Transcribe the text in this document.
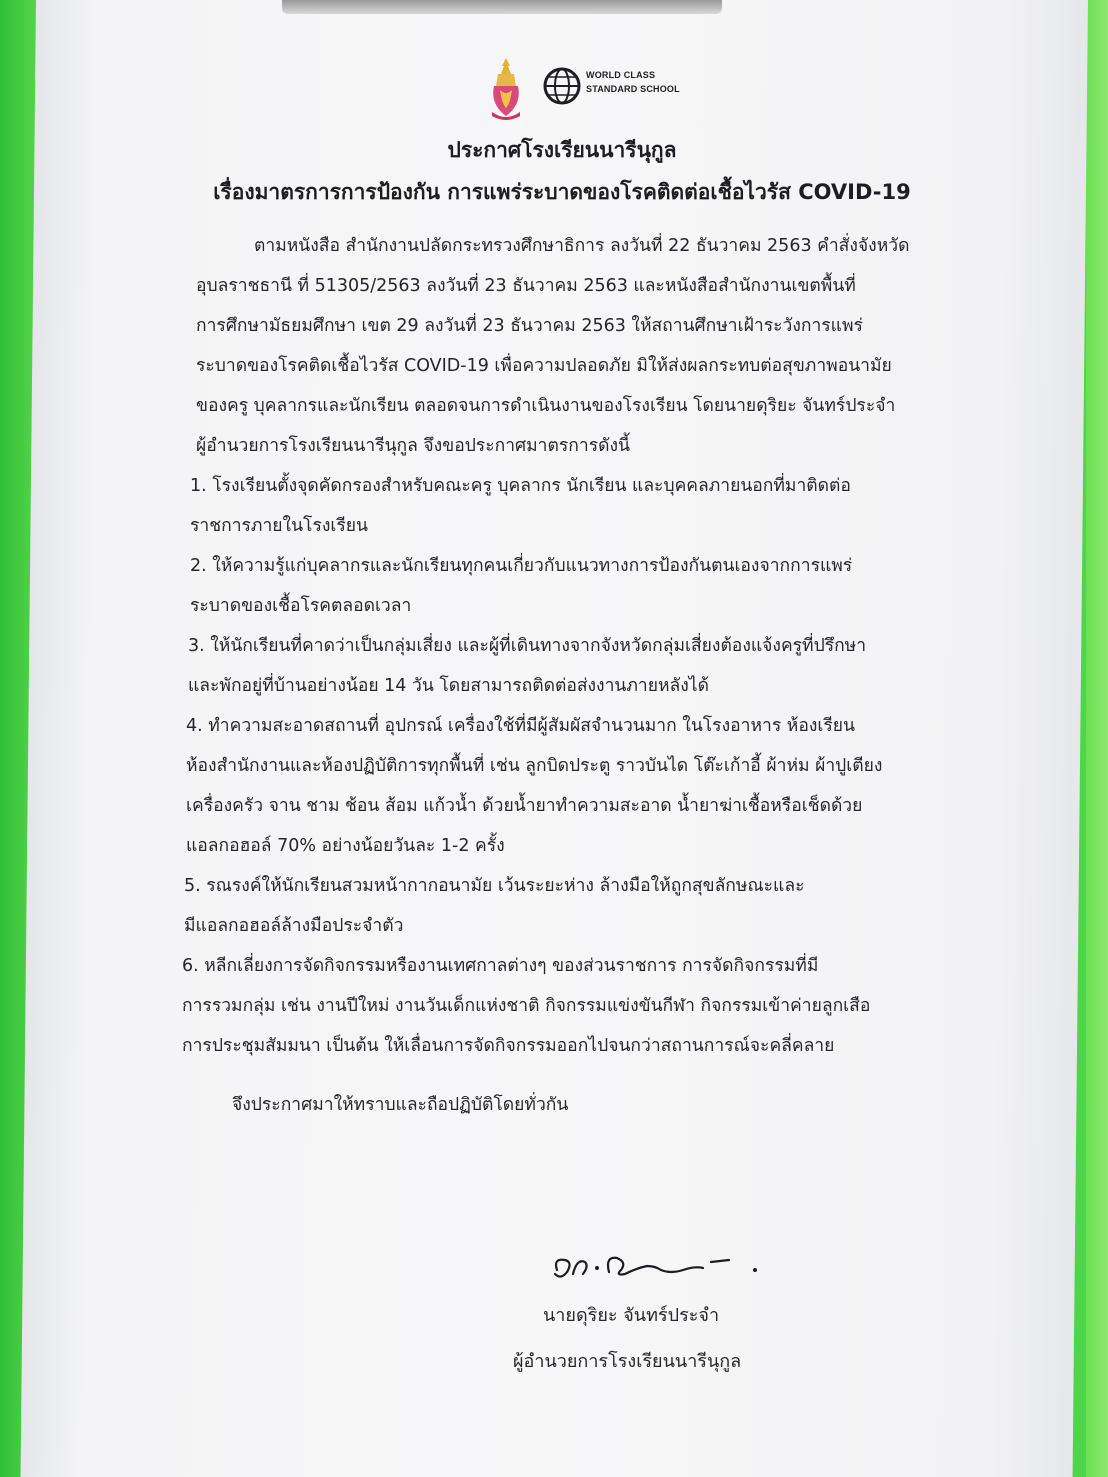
WORLD CLASS
STANDARD SCHOOL
ประกาศโรงเรียนนารีนุกูล
เรื่องมาตรการการป้องกัน การแพร่ระบาดของโรคติดต่อเชื้อไวรัส COVID-19
ตามหนังสือ สำนักงานปลัดกระทรวงศึกษาธิการ ลงวันที่ 22 ธันวาคม 2563 คำสั่งจังหวัด
อุบลราชธานี ที่ 51305/2563 ลงวันที่ 23 ธันวาคม 2563 และหนังสือสำนักงานเขตพื้นที่
การศึกษามัธยมศึกษา เขต 29 ลงวันที่ 23 ธันวาคม 2563 ให้สถานศึกษาเฝ้าระวังการแพร่
ระบาดของโรคติดเชื้อไวรัส COVID-19 เพื่อความปลอดภัย มิให้ส่งผลกระทบต่อสุขภาพอนามัย
ของครู บุคลากรและนักเรียน ตลอดจนการดำเนินงานของโรงเรียน โดยนายดุริยะ จันทร์ประจำ
ผู้อำนวยการโรงเรียนนารีนุกูล จึงขอประกาศมาตรการดังนี้
1. โรงเรียนตั้งจุดคัดกรองสำหรับคณะครู บุคลากร นักเรียน และบุคคลภายนอกที่มาติดต่อ
ราชการภายในโรงเรียน
2. ให้ความรู้แก่บุคลากรและนักเรียนทุกคนเกี่ยวกับแนวทางการป้องกันตนเองจากการแพร่
ระบาดของเชื้อโรคตลอดเวลา
3. ให้นักเรียนที่คาดว่าเป็นกลุ่มเสี่ยง และผู้ที่เดินทางจากจังหวัดกลุ่มเสี่ยงต้องแจ้งครูที่ปรึกษา
และพักอยู่ที่บ้านอย่างน้อย 14 วัน โดยสามารถติดต่อส่งงานภายหลังได้
4. ทำความสะอาดสถานที่ อุปกรณ์ เครื่องใช้ที่มีผู้สัมผัสจำนวนมาก ในโรงอาหาร ห้องเรียน
ห้องสำนักงานและห้องปฏิบัติการทุกพื้นที่ เช่น ลูกบิดประตู ราวบันได โต๊ะเก้าอี้ ผ้าห่ม ผ้าปูเตียง
เครื่องครัว จาน ชาม ช้อน ส้อม แก้วน้ำ ด้วยน้ำยาทำความสะอาด น้ำยาฆ่าเชื้อหรือเช็ดด้วย
แอลกอฮอล์ 70% อย่างน้อยวันละ 1-2 ครั้ง
5. รณรงค์ให้นักเรียนสวมหน้ากากอนามัย เว้นระยะห่าง ล้างมือให้ถูกสุขลักษณะและ
มีแอลกอฮอล์ล้างมือประจำตัว
6. หลีกเลี่ยงการจัดกิจกรรมหรืองานเทศกาลต่างๆ ของส่วนราชการ การจัดกิจกรรมที่มี
การรวมกลุ่ม เช่น งานปีใหม่ งานวันเด็กแห่งชาติ กิจกรรมแข่งขันกีฬา กิจกรรมเข้าค่ายลูกเสือ
การประชุมสัมมนา เป็นต้น ให้เลื่อนการจัดกิจกรรมออกไปจนกว่าสถานการณ์จะคลี่คลาย
จึงประกาศมาให้ทราบและถือปฏิบัติโดยทั่วกัน
นายดุริยะ จันทร์ประจำ
ผู้อำนวยการโรงเรียนนารีนุกูล
